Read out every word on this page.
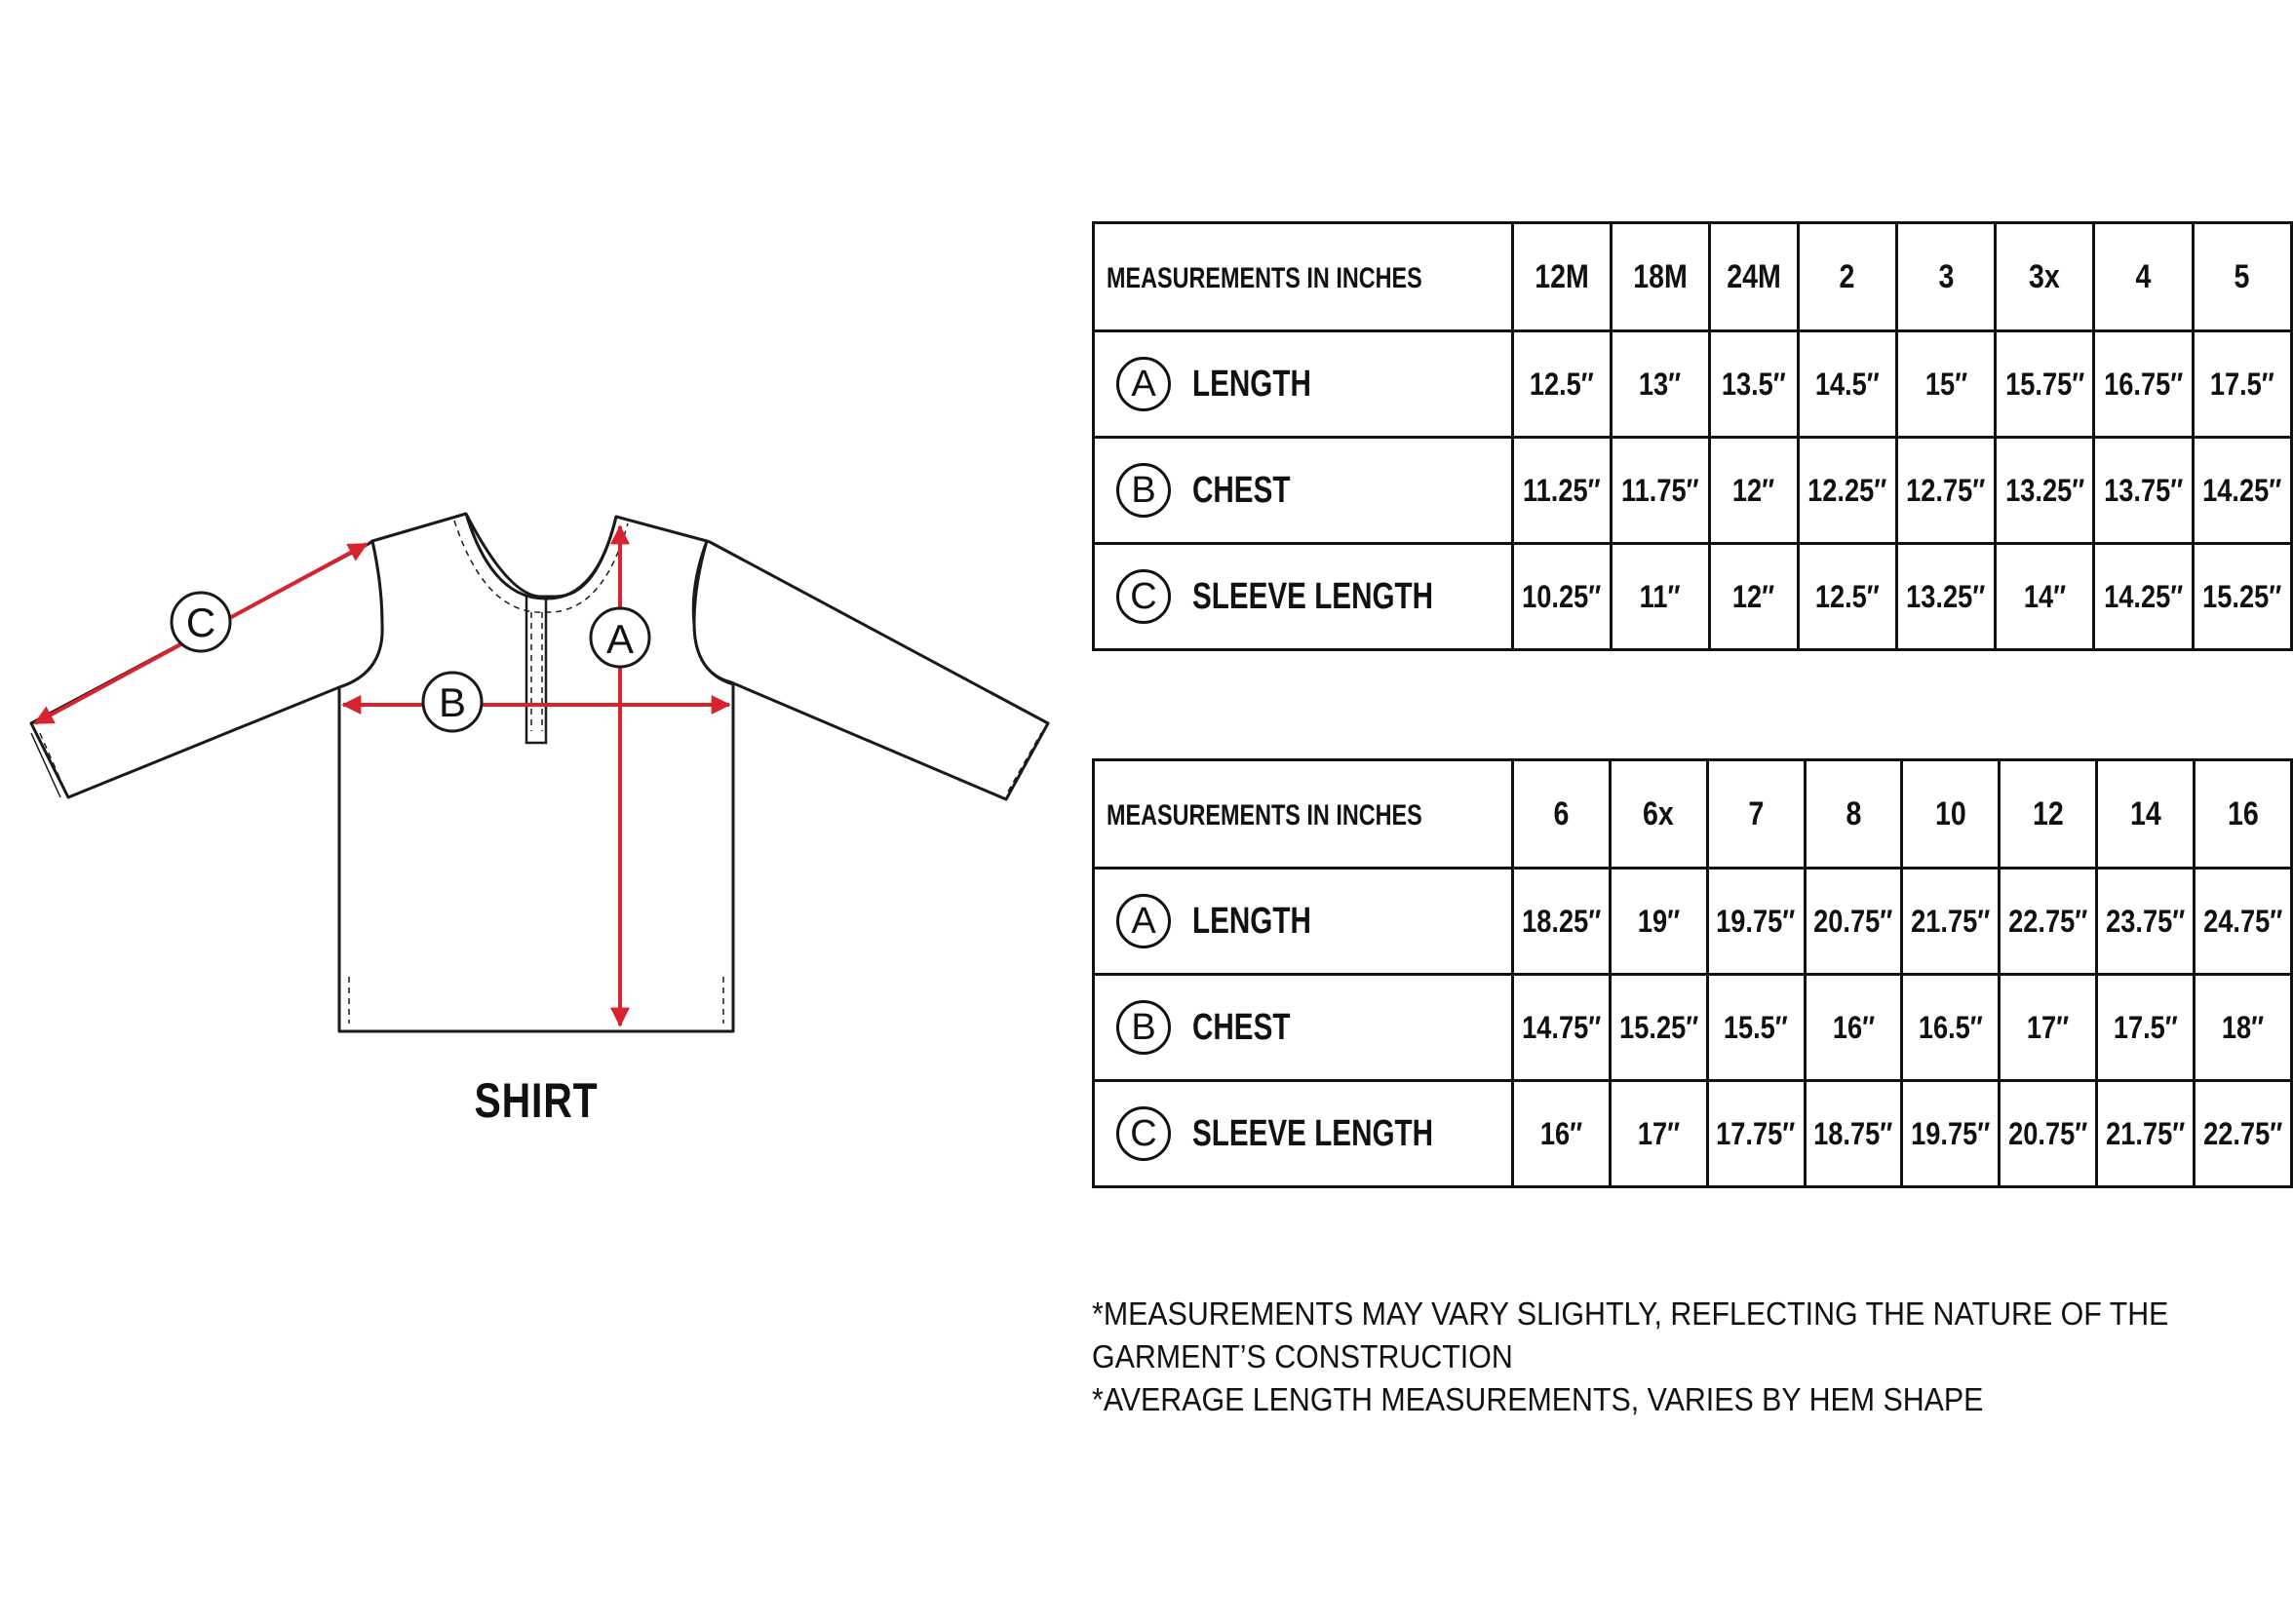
A
B
C
SHIRT
MEASUREMENTS IN INCHES	12M	18M	24M	2	3	3x	4	5

A LENGTH	12.5″	13″	13.5″	14.5″	15″	15.75″	16.75″	17.5″

B CHEST	11.25″	11.75″	12″	12.25″	12.75″	13.25″	13.75″	14.25″

C SLEEVE LENGTH	10.25″	11″	12″	12.5″	13.25″	14″	14.25″	15.25″
MEASUREMENTS IN INCHES	6	6x	7	8	10	12	14	16

A LENGTH	18.25″	19″	19.75″	20.75″	21.75″	22.75″	23.75″	24.75″

B CHEST	14.75″	15.25″	15.5″	16″	16.5″	17″	17.5″	18″

C SLEEVE LENGTH	16″	17″	17.75″	18.75″	19.75″	20.75″	21.75″	22.75″
*MEASUREMENTS MAY VARY SLIGHTLY, REFLECTING THE NATURE OF THE
GARMENT’S CONSTRUCTION
*AVERAGE LENGTH MEASUREMENTS, VARIES BY HEM SHAPE
